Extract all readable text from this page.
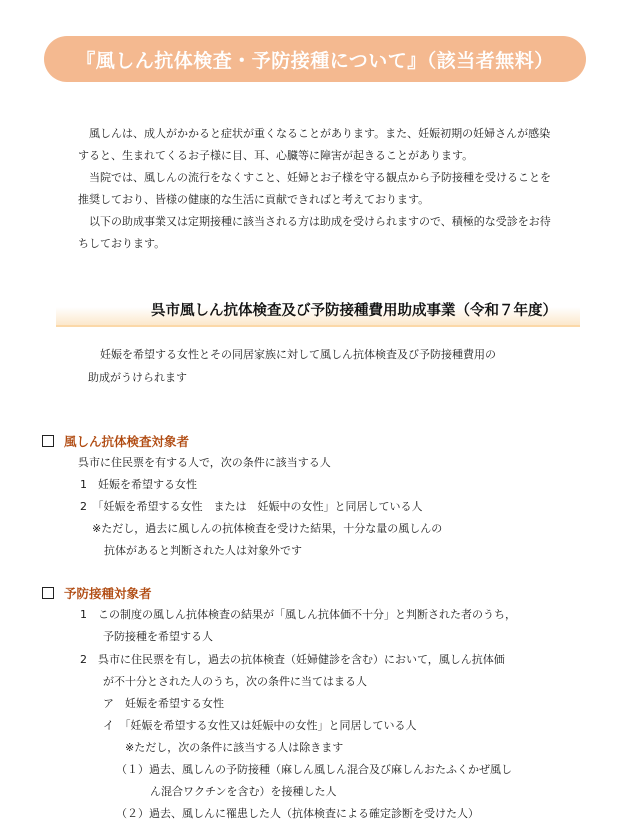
『風しん抗体検査・予防接種について』（該当者無料）

風しんは、成人がかかると症状が重くなることがあります。また、妊娠初期の妊婦さんが感染すると、生まれてくるお子様に目、耳、心臓等に障害が起きることがあります。

当院では、風しんの流行をなくすこと、妊婦とお子様を守る観点から予防接種を受けることを推奨しており、皆様の健康的な生活に貢献できればと考えております。

以下の助成事業又は定期接種に該当される方は助成を受けられますので、積極的な受診をお待ちしております。

呉市風しん抗体検査及び予防接種費用助成事業（令和７年度）

妊娠を希望する女性とその同居家族に対して風しん抗体検査及び予防接種費用の

助成がうけられます

風しん抗体検査対象者
呉市に住民票を有する人で，次の条件に該当する人
1　妊娠を希望する女性
2　「妊娠を希望する女性　または　妊娠中の女性」と同居している人
※ただし，過去に風しんの抗体検査を受けた結果，十分な量の風しんの
抗体があると判断された人は対象外です
予防接種対象者
1　この制度の風しん抗体検査の結果が「風しん抗体価不十分」と判断された者のうち，
予防接種を希望する人
2　呉市に住民票を有し，過去の抗体検査（妊婦健診を含む）において，風しん抗体価
が不十分とされた人のうち，次の条件に当てはまる人
ア　妊娠を希望する女性
イ　「妊娠を希望する女性又は妊娠中の女性」と同居している人
※ただし，次の条件に該当する人は除きます
（１）過去、風しんの予防接種（麻しん風しん混合及び麻しんおたふくかぜ風し
ん混合ワクチンを含む）を接種した人
（２）過去、風しんに罹患した人（抗体検査による確定診断を受けた人）
